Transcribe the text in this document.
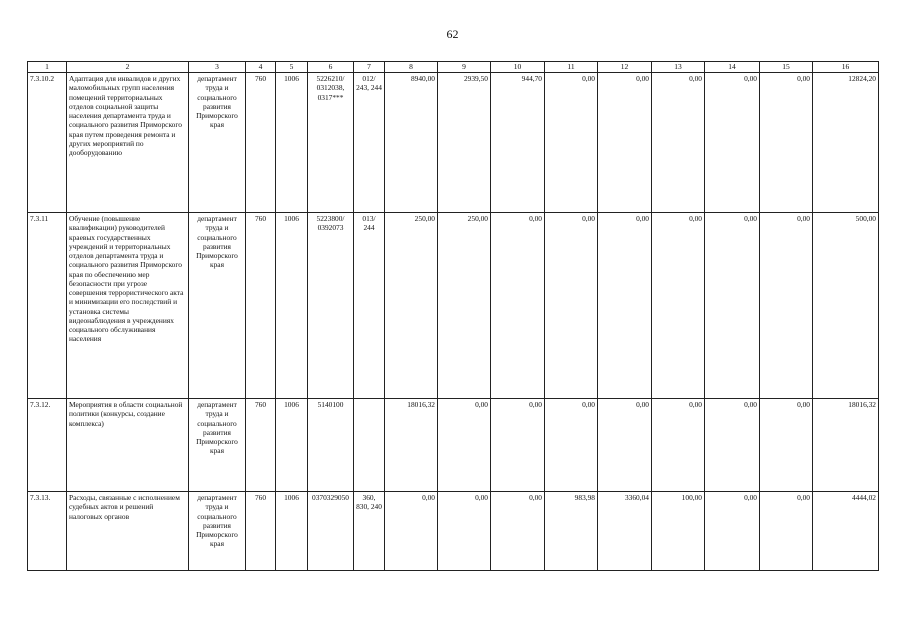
62
1	2	3	4	5	6	7	8	9	10	11	12	13	14	15	16
7.3.10.2	Адаптация для инвалидов и других маломобильных групп населения помещений территориальных отделов социальной защиты населения департамента труда и социального развития Приморского края путем проведения ремонта и других мероприятий по дооборудованию	департамент труда и социального развития Приморского края	760	1006	5226210/ 0312038, 0317***	012/ 243, 244	8940,00	2939,50	944,70	0,00	0,00	0,00	0,00	0,00	12824,20
7.3.11	Обучение (повышение квалификации) руководителей краевых государственных учреждений и территориальных отделов департамента труда и социального развития Приморского края по обеспечению мер безопасности при угрозе совершения террористического акта и минимизации его последствий и установка системы видеонаблюдения в учреждениях социального обслуживания населения	департамент труда и социального развития Приморского края	760	1006	5223800/ 0392073	013/ 244	250,00	250,00	0,00	0,00	0,00	0,00	0,00	0,00	500,00
7.3.12.	Мероприятия в области социальной политики (конкурсы, создание комплекса)	департамент труда и социального развития Приморского края	760	1006	5140100		18016,32	0,00	0,00	0,00	0,00	0,00	0,00	0,00	18016,32
7.3.13.	Расходы, связанные с исполнением судебных актов и решений налоговых органов	департамент труда и социального развития Приморского края	760	1006	0370329050	360, 830, 240	0,00	0,00	0,00	983,98	3360,04	100,00	0,00	0,00	4444,02
